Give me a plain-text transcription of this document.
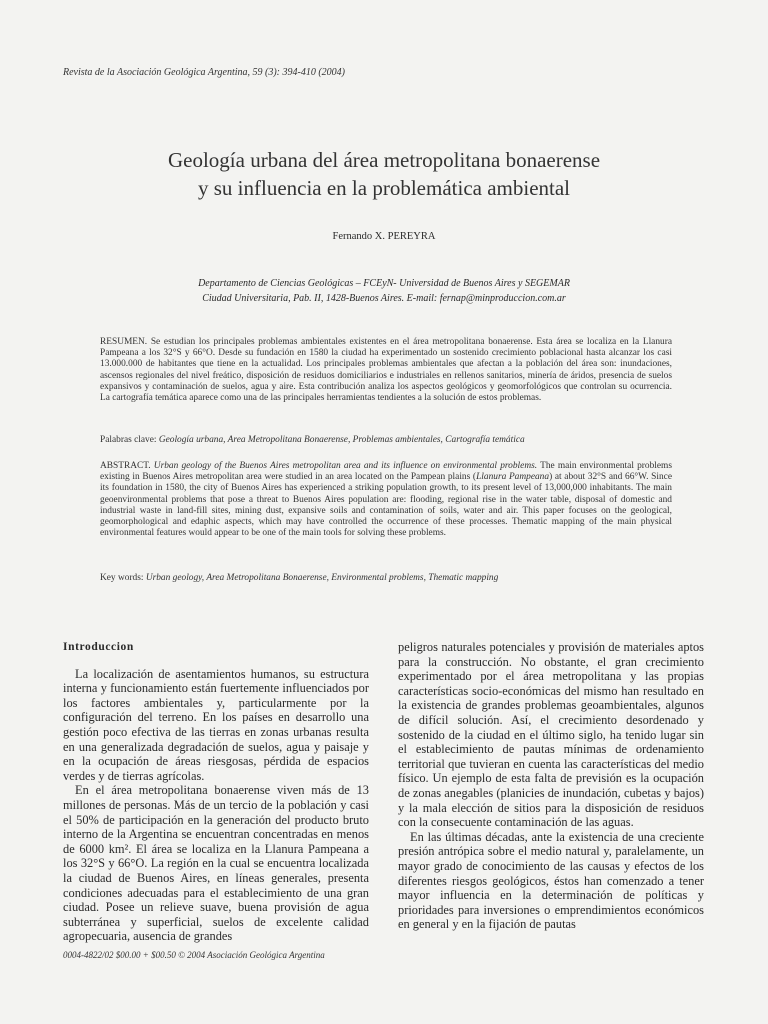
Revista de la Asociación Geológica Argentina, 59 (3): 394-410 (2004)
Geología urbana del área metropolitana bonaerense
y su influencia en la problemática ambiental
Fernando X. PEREYRA
Departamento de Ciencias Geológicas – FCEyN- Universidad de Buenos Aires y SEGEMAR
Ciudad Universitaria, Pab. II, 1428-Buenos Aires. E-mail: fernap@minproduccion.com.ar

RESUMEN. Se estudian los principales problemas ambientales existentes en el área metropolitana bonaerense. Esta área se localiza en la Llanura Pampeana a los 32°S y 66°O. Desde su fundación en 1580 la ciudad ha experimentado un sostenido crecimiento poblacional hasta alcanzar los casi 13.000.000 de habitantes que tiene en la actualidad. Los principales problemas ambientales que afectan a la población del área son: inundaciones, ascensos regionales del nivel freático, disposición de residuos domiciliarios e industriales en rellenos sanitarios, minería de áridos, presencia de suelos expansivos y contaminación de suelos, agua y aire. Esta contribución analiza los aspectos geológicos y geomorfológicos que controlan su ocurrencia. La cartografía temática aparece como una de las principales herramientas tendientes a la solución de estos problemas.

Palabras clave: Geología urbana, Area Metropolitana Bonaerense, Problemas ambientales, Cartografía temática

ABSTRACT. Urban geology of the Buenos Aires metropolitan area and its influence on environmental problems. The main environmental problems existing in Buenos Aires metropolitan area were studied in an area located on the Pampean plains (Llanura Pampeana) at about 32°S and 66°W. Since its foundation in 1580, the city of Buenos Aires has experienced a striking population growth, to its present level of 13,000,000 inhabitants. The main geoenvironmental problems that pose a threat to Buenos Aires population are: flooding, regional rise in the water table, disposal of domestic and industrial waste in land-fill sites, mining dust, expansive soils and contamination of soils, water and air. This paper focuses on the geological, geomorphological and edaphic aspects, which may have controlled the occurrence of these processes. Thematic mapping of the main physical environmental features would appear to be one of the main tools for solving these problems.

Key words: Urban geology, Area Metropolitana Bonaerense, Environmental problems, Thematic mapping

Introduccion

La localización de asentamientos humanos, su estructura interna y funcionamiento están fuertemente influenciados por los factores ambientales y, particularmente por la configuración del terreno. En los países en desarrollo una gestión poco efectiva de las tierras en zonas urbanas resulta en una generalizada degradación de suelos, agua y paisaje y en la ocupación de áreas riesgosas, pérdida de espacios verdes y de tierras agrícolas.

En el área metropolitana bonaerense viven más de 13 millones de personas. Más de un tercio de la población y casi el 50% de participación en la generación del producto bruto interno de la Argentina se encuentran concentradas en menos de 6000 km². El área se localiza en la Llanura Pampeana a los 32°S y 66°O. La región en la cual se encuentra localizada la ciudad de Buenos Aires, en líneas generales, presenta condiciones adecuadas para el establecimiento de una gran ciudad. Posee un relieve suave, buena provisión de agua subterránea y superficial, suelos de excelente calidad agropecuaria, ausencia de grandes

peligros naturales potenciales y provisión de materiales aptos para la construcción. No obstante, el gran crecimiento experimentado por el área metropolitana y las propias características socio-económicas del mismo han resultado en la existencia de grandes problemas geoambientales, algunos de difícil solución. Así, el crecimiento desordenado y sostenido de la ciudad en el último siglo, ha tenido lugar sin el establecimiento de pautas mínimas de ordenamiento territorial que tuvieran en cuenta las características del medio físico. Un ejemplo de esta falta de previsión es la ocupación de zonas anegables (planicies de inundación, cubetas y bajos) y la mala elección de sitios para la disposición de residuos con la consecuente contaminación de las aguas.

En las últimas décadas, ante la existencia de una creciente presión antrópica sobre el medio natural y, paralelamente, un mayor grado de conocimiento de las causas y efectos de los diferentes riesgos geológicos, éstos han comenzado a tener mayor influencia en la determinación de políticas y prioridades para inversiones o emprendimientos económicos en general y en la fijación de pautas

0004-4822/02 $00.00 + $00.50 © 2004 Asociación Geológica Argentina
